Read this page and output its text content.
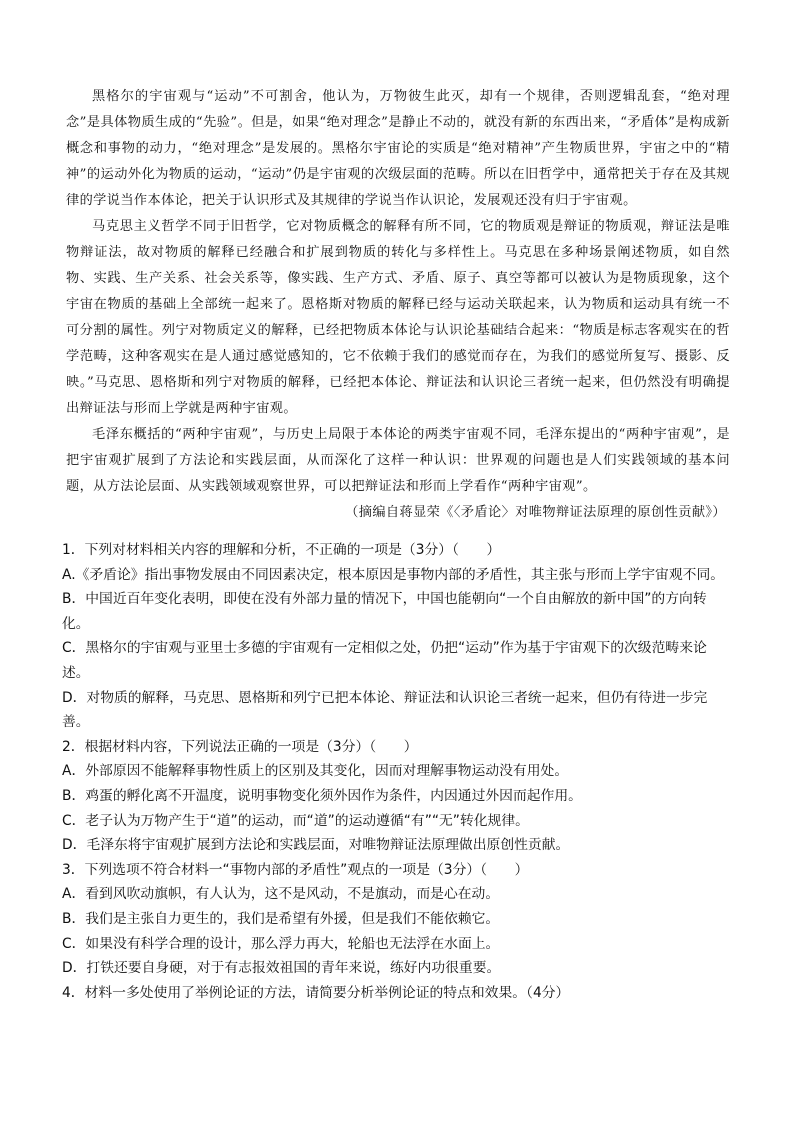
黑格尔的宇宙观与“运动”不可割舍，他认为，万物彼生此灭，却有一个规律，否则逻辑乱套，“绝对理念”是具体物质生成的“先验”。但是，如果“绝对理念”是静止不动的，就没有新的东西出来，“矛盾体”是构成新概念和事物的动力，“绝对理念”是发展的。黑格尔宇宙论的实质是“绝对精神”产生物质世界，宇宙之中的“精神”的运动外化为物质的运动，“运动”仍是宇宙观的次级层面的范畴。所以在旧哲学中，通常把关于存在及其规律的学说当作本体论，把关于认识形式及其规律的学说当作认识论，发展观还没有归于宇宙观。

马克思主义哲学不同于旧哲学，它对物质概念的解释有所不同，它的物质观是辩证的物质观，辩证法是唯物辩证法，故对物质的解释已经融合和扩展到物质的转化与多样性上。马克思在多种场景阐述物质，如自然物、实践、生产关系、社会关系等，像实践、生产方式、矛盾、原子、真空等都可以被认为是物质现象，这个宇宙在物质的基础上全部统一起来了。恩格斯对物质的解释已经与运动关联起来，认为物质和运动具有统一不可分割的属性。列宁对物质定义的解释，已经把物质本体论与认识论基础结合起来：“物质是标志客观实在的哲学范畴，这种客观实在是人通过感觉感知的，它不依赖于我们的感觉而存在，为我们的感觉所复写、摄影、反映。”马克思、恩格斯和列宁对物质的解释，已经把本体论、辩证法和认识论三者统一起来，但仍然没有明确提出辩证法与形而上学就是两种宇宙观。

毛泽东概括的“两种宇宙观”，与历史上局限于本体论的两类宇宙观不同，毛泽东提出的“两种宇宙观”，是把宇宙观扩展到了方法论和实践层面，从而深化了这样一种认识：世界观的问题也是人们实践领域的基本问题，从方法论层面、从实践领域观察世界，可以把辩证法和形而上学看作“两种宇宙观”。

（摘编自蒋显荣《〈矛盾论〉对唯物辩证法原理的原创性贡献》）

1．下列对材料相关内容的理解和分析，不正确的一项是（3分）（　　）

A.《矛盾论》指出事物发展由不同因素决定，根本原因是事物内部的矛盾性，其主张与形而上学宇宙观不同。

B．中国近百年变化表明，即使在没有外部力量的情况下，中国也能朝向“一个自由解放的新中国”的方向转化。

C．黑格尔的宇宙观与亚里士多德的宇宙观有一定相似之处，仍把“运动”作为基于宇宙观下的次级范畴来论述。

D．对物质的解释，马克思、恩格斯和列宁已把本体论、辩证法和认识论三者统一起来，但仍有待进一步完善。

2．根据材料内容，下列说法正确的一项是（3分）（　　）

A．外部原因不能解释事物性质上的区别及其变化，因而对理解事物运动没有用处。

B．鸡蛋的孵化离不开温度，说明事物变化须外因作为条件，内因通过外因而起作用。

C．老子认为万物产生于“道”的运动，而“道”的运动遵循“有”“无”转化规律。

D．毛泽东将宇宙观扩展到方法论和实践层面，对唯物辩证法原理做出原创性贡献。

3．下列选项不符合材料一“事物内部的矛盾性”观点的一项是（3分）（　　）

A．看到风吹动旗帜，有人认为，这不是风动，不是旗动，而是心在动。

B．我们是主张自力更生的，我们是希望有外援，但是我们不能依赖它。

C．如果没有科学合理的设计，那么浮力再大，轮船也无法浮在水面上。

D．打铁还要自身硬，对于有志报效祖国的青年来说，练好内功很重要。

4．材料一多处使用了举例论证的方法，请简要分析举例论证的特点和效果。（4分）
